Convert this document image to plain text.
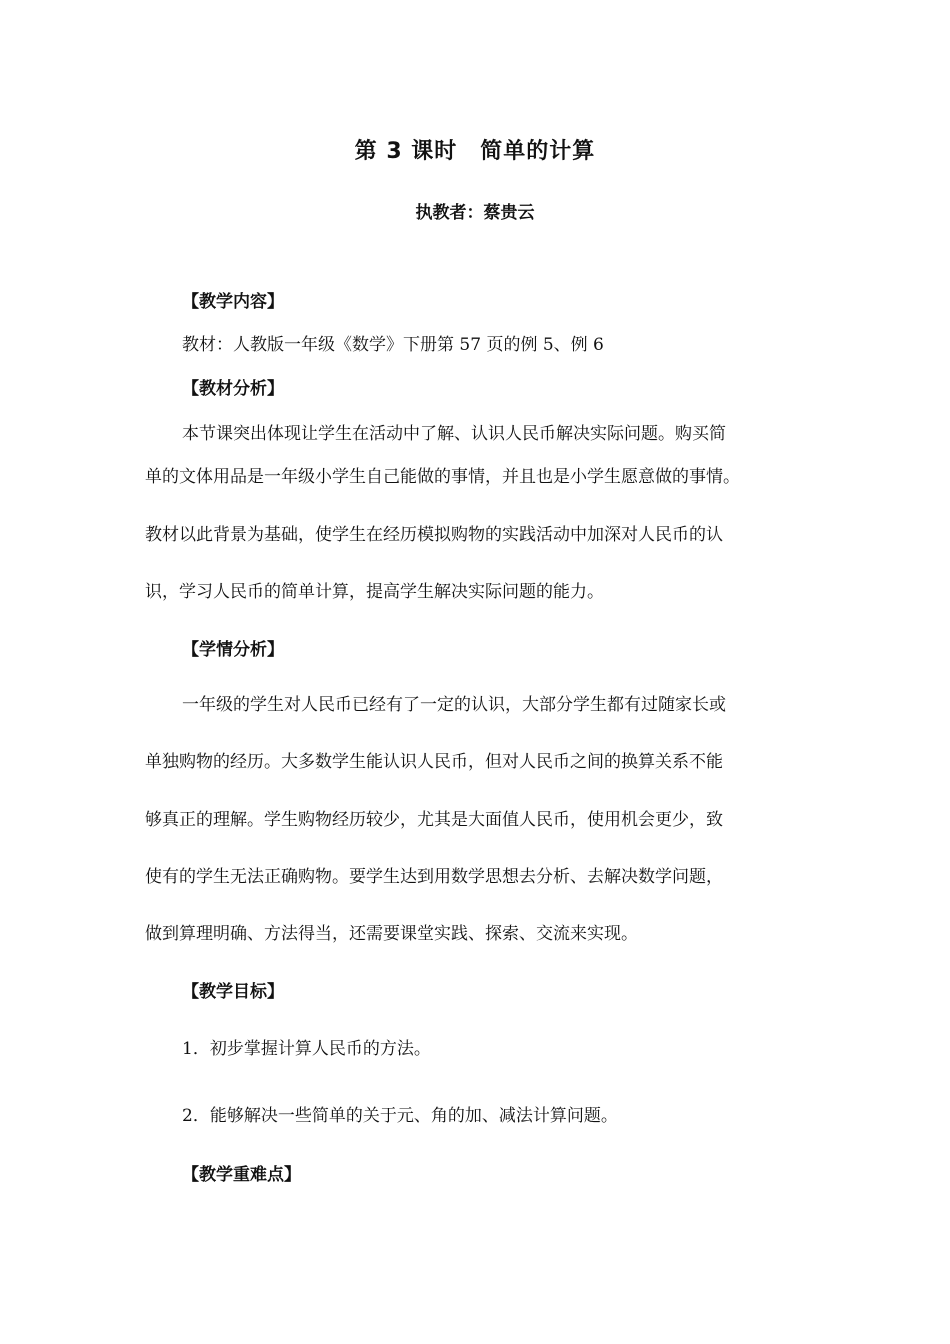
第 3 课时　简单的计算
执教者：蔡贵云
【教学内容】
教材：人教版一年级《数学》下册第 57 页的例 5、例 6
【教材分析】
本节课突出体现让学生在活动中了解、认识人民币解决实际问题。购买简
单的文体用品是一年级小学生自己能做的事情，并且也是小学生愿意做的事情。
教材以此背景为基础，使学生在经历模拟购物的实践活动中加深对人民币的认
识，学习人民币的简单计算，提高学生解决实际问题的能力。
【学情分析】
一年级的学生对人民币已经有了一定的认识，大部分学生都有过随家长或
单独购物的经历。大多数学生能认识人民币，但对人民币之间的换算关系不能
够真正的理解。学生购物经历较少，尤其是大面值人民币，使用机会更少，致
使有的学生无法正确购物。要学生达到用数学思想去分析、去解决数学问题，
做到算理明确、方法得当，还需要课堂实践、探索、交流来实现。
【教学目标】
1．初步掌握计算人民币的方法。
2．能够解决一些简单的关于元、角的加、减法计算问题。
【教学重难点】
